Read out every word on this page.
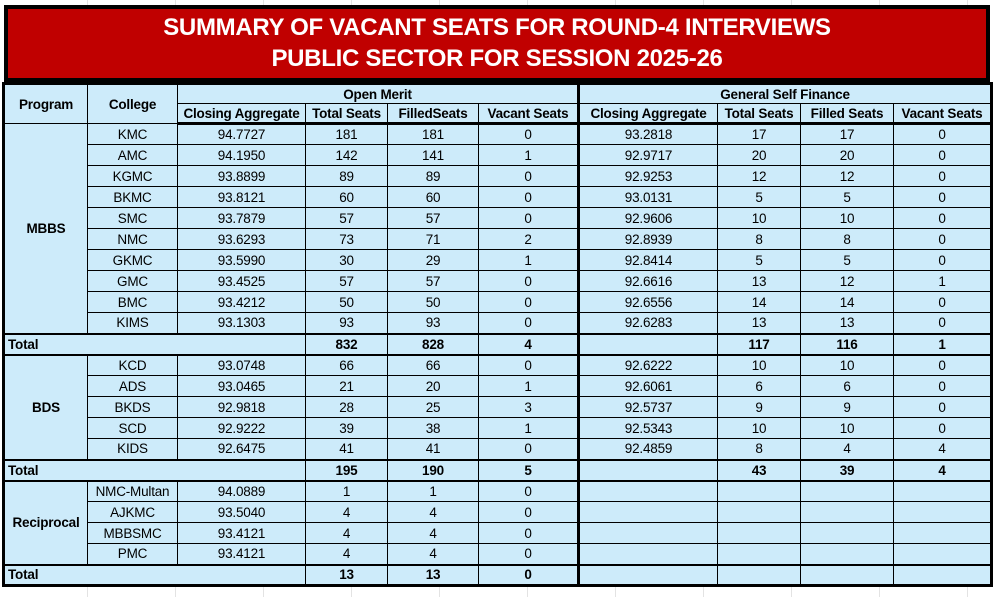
SUMMARY OF VACANT SEATS FOR ROUND-4 INTERVIEWS
PUBLIC SECTOR FOR SESSION 2025-26
Program	College	Open Merit				General Self Finance			
		Closing Aggregate	Total Seats	FilledSeats	Vacant Seats	Closing Aggregate	Total Seats	Filled Seats	Vacant Seats
MBBS	KMC	94.7727	181	181	0	93.2818	17	17	0
	AMC	94.1950	142	141	1	92.9717	20	20	0
	KGMC	93.8899	89	89	0	92.9253	12	12	0
	BKMC	93.8121	60	60	0	93.0131	5	5	0
	SMC	93.7879	57	57	0	92.9606	10	10	0
	NMC	93.6293	73	71	2	92.8939	8	8	0
	GKMC	93.5990	30	29	1	92.8414	5	5	0
	GMC	93.4525	57	57	0	92.6616	13	12	1
	BMC	93.4212	50	50	0	92.6556	14	14	0
	KIMS	93.1303	93	93	0	92.6283	13	13	0
Total			832	828	4		117	116	1
BDS	KCD	93.0748	66	66	0	92.6222	10	10	0
	ADS	93.0465	21	20	1	92.6061	6	6	0
	BKDS	92.9818	28	25	3	92.5737	9	9	0
	SCD	92.9222	39	38	1	92.5343	10	10	0
	KIDS	92.6475	41	41	0	92.4859	8	4	4
Total			195	190	5		43	39	4
Reciprocal	NMC-Multan	94.0889	1	1	0				
	AJKMC	93.5040	4	4	0				
	MBBSMC	93.4121	4	4	0				
	PMC	93.4121	4	4	0				
Total			13	13	0				
